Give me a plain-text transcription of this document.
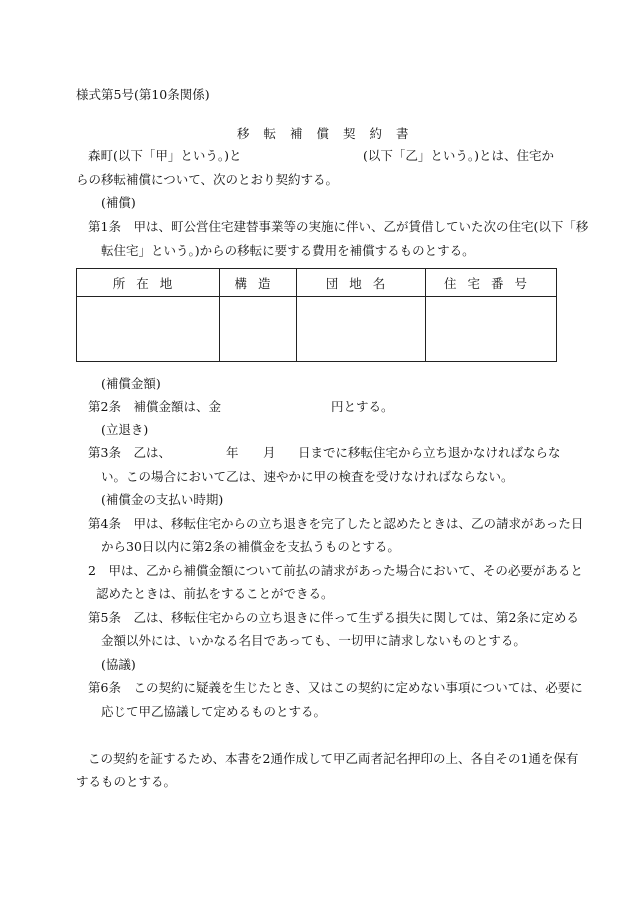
様式第5号(第10条関係)
移転補償契約書
森町(以下「甲」という。)と	(以下「乙」という。)とは、住宅か
らの移転補償について、次のとおり契約する。
(補償)
第1条　甲は、町公営住宅建替事業等の実施に伴い、乙が賃借していた次の住宅(以下「移
転住宅」という。)からの移転に要する費用を補償するものとする。
所在地	構造	団地名	住宅番号

(補償金額)
第2条　補償金額は、金	円とする。
(立退き)
第3条　乙は、	年 月 日までに移転住宅から立ち退かなければならな
い。この場合において乙は、速やかに甲の検査を受けなければならない。
(補償金の支払い時期)
第4条　甲は、移転住宅からの立ち退きを完了したと認めたときは、乙の請求があった日
から30日以内に第2条の補償金を支払うものとする。
2　甲は、乙から補償金額について前払の請求があった場合において、その必要があると
認めたときは、前払をすることができる。
第5条　乙は、移転住宅からの立ち退きに伴って生ずる損失に関しては、第2条に定める
金額以外には、いかなる名目であっても、一切甲に請求しないものとする。
(協議)
第6条　この契約に疑義を生じたとき、又はこの契約に定めない事項については、必要に
応じて甲乙協議して定めるものとする。
この契約を証するため、本書を2通作成して甲乙両者記名押印の上、各自その1通を保有
するものとする。
